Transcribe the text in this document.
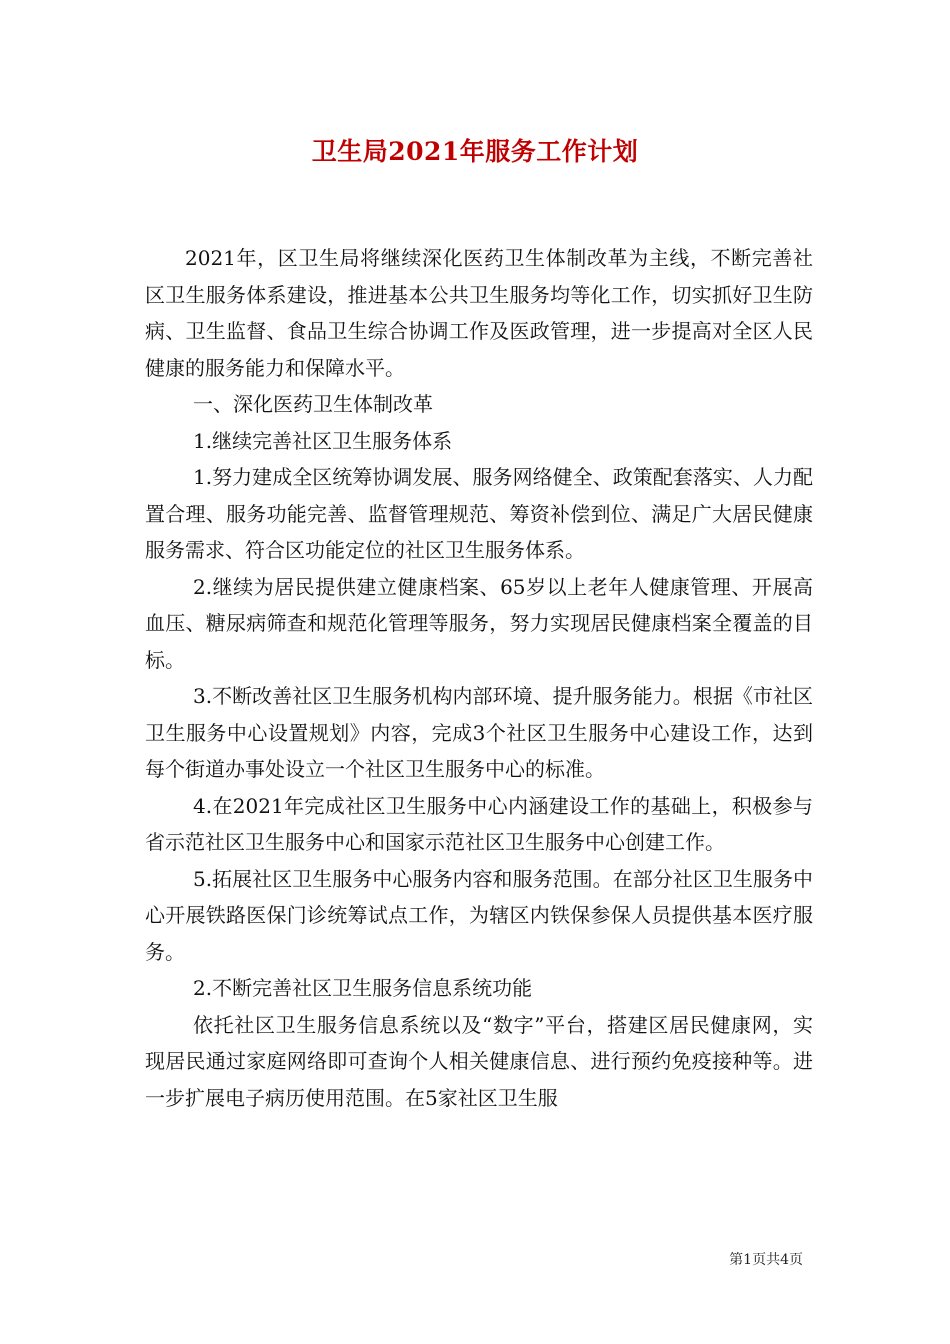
卫生局2021年服务工作计划

2021年，区卫生局将继续深化医药卫生体制改革为主线，不断完善社区卫生服务体系建设，推进基本公共卫生服务均等化工作，切实抓好卫生防病、卫生监督、食品卫生综合协调工作及医政管理，进一步提高对全区人民健康的服务能力和保障水平。

一、深化医药卫生体制改革

1.继续完善社区卫生服务体系

1.努力建成全区统筹协调发展、服务网络健全、政策配套落实、人力配置合理、服务功能完善、监督管理规范、筹资补偿到位、满足广大居民健康服务需求、符合区功能定位的社区卫生服务体系。

2.继续为居民提供建立健康档案、65岁以上老年人健康管理、开展高血压、糖尿病筛查和规范化管理等服务，努力实现居民健康档案全覆盖的目标。

3.不断改善社区卫生服务机构内部环境、提升服务能力。根据《市社区卫生服务中心设置规划》内容，完成3个社区卫生服务中心建设工作，达到每个街道办事处设立一个社区卫生服务中心的标准。

4.在2021年完成社区卫生服务中心内涵建设工作的基础上，积极参与省示范社区卫生服务中心和国家示范社区卫生服务中心创建工作。

5.拓展社区卫生服务中心服务内容和服务范围。在部分社区卫生服务中心开展铁路医保门诊统筹试点工作，为辖区内铁保参保人员提供基本医疗服务。

2.不断完善社区卫生服务信息系统功能

依托社区卫生服务信息系统以及“数字”平台，搭建区居民健康网，实现居民通过家庭网络即可查询个人相关健康信息、进行预约免疫接种等。进一步扩展电子病历使用范围。在5家社区卫生服

第1页共4页
